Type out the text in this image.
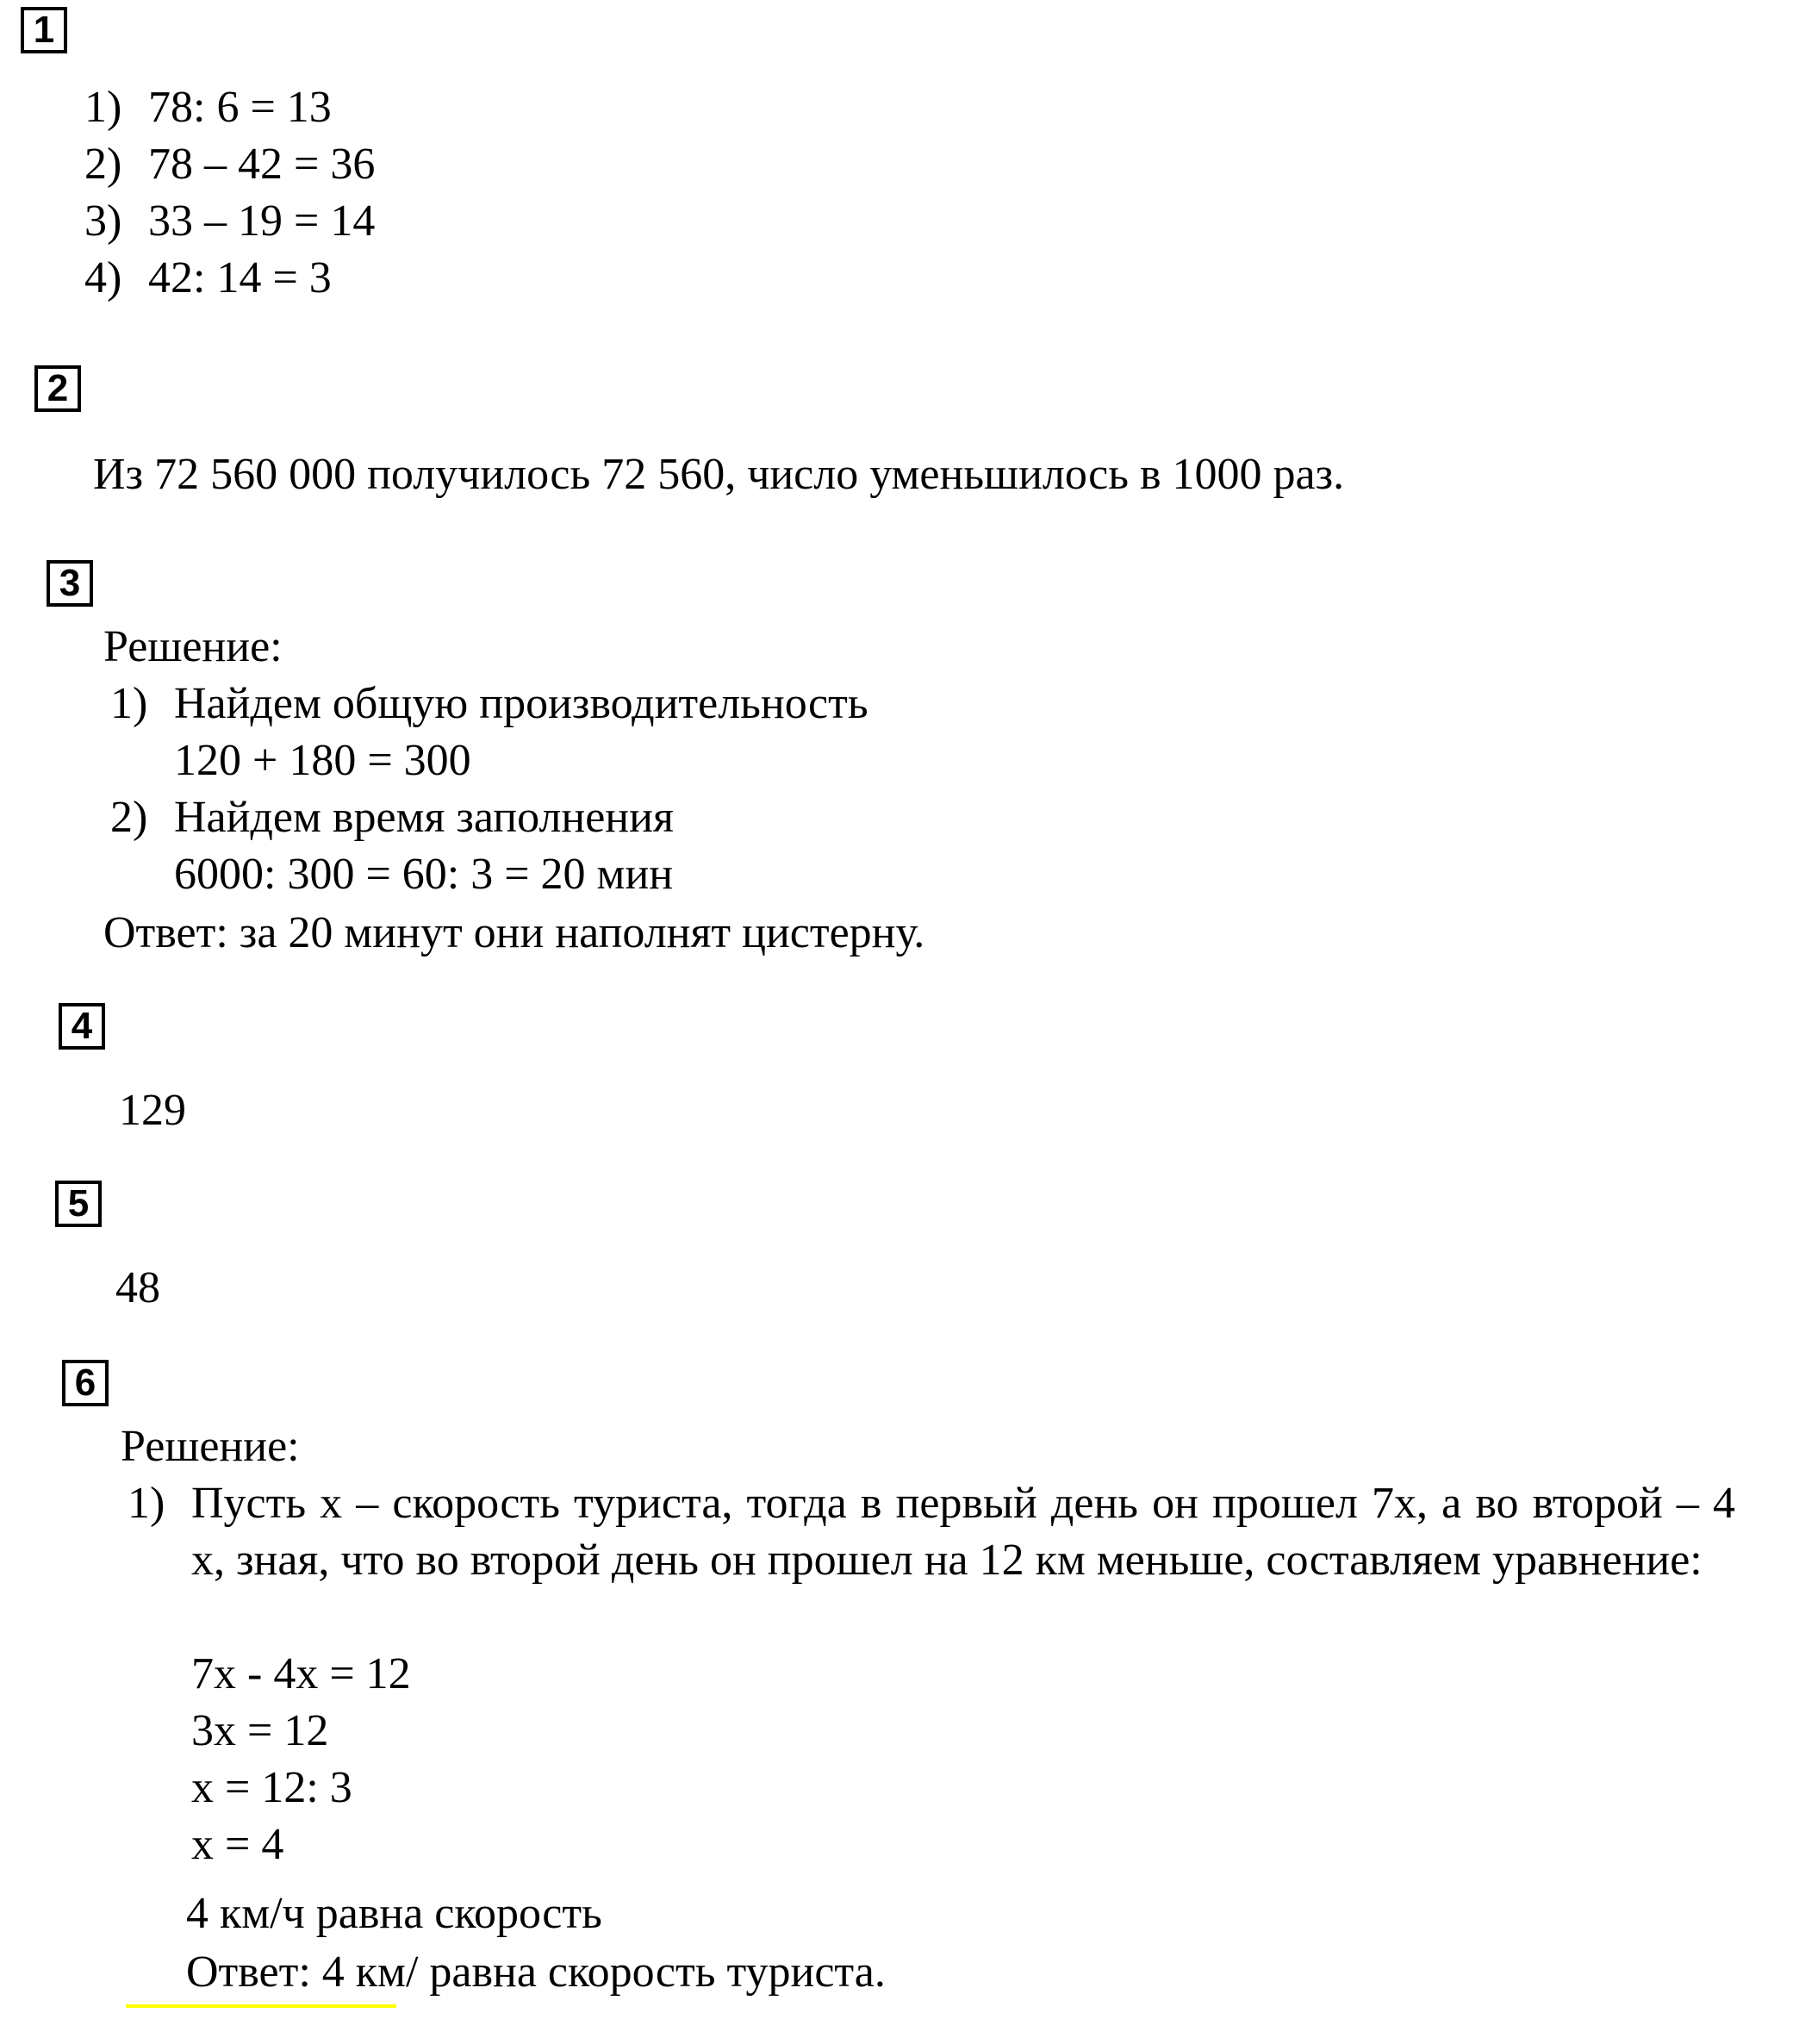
1
1) 78: 6 = 13
2) 78 – 42 = 36
3) 33 – 19 = 14
4) 42: 14 = 3
2
Из 72 560 000 получилось 72 560, число уменьшилось в 1000 раз.
3
Решение:
1) Найдем общую производительность
120 + 180 = 300
2) Найдем время заполнения
6000: 300 = 60: 3 = 20 мин
Ответ: за 20 минут они наполнят цистерну.
4
129
5
48
6
Решение:
1) Пусть x – скорость туриста, тогда в первый день он прошел 7x, а во второй – 4 x, зная, что во второй день он прошел на 12 км меньше, составляем уравнение:
7x - 4x = 12
3x = 12
x = 12: 3
x = 4
4 км/ч равна скорость
Ответ: 4 км/ равна скорость туриста.
